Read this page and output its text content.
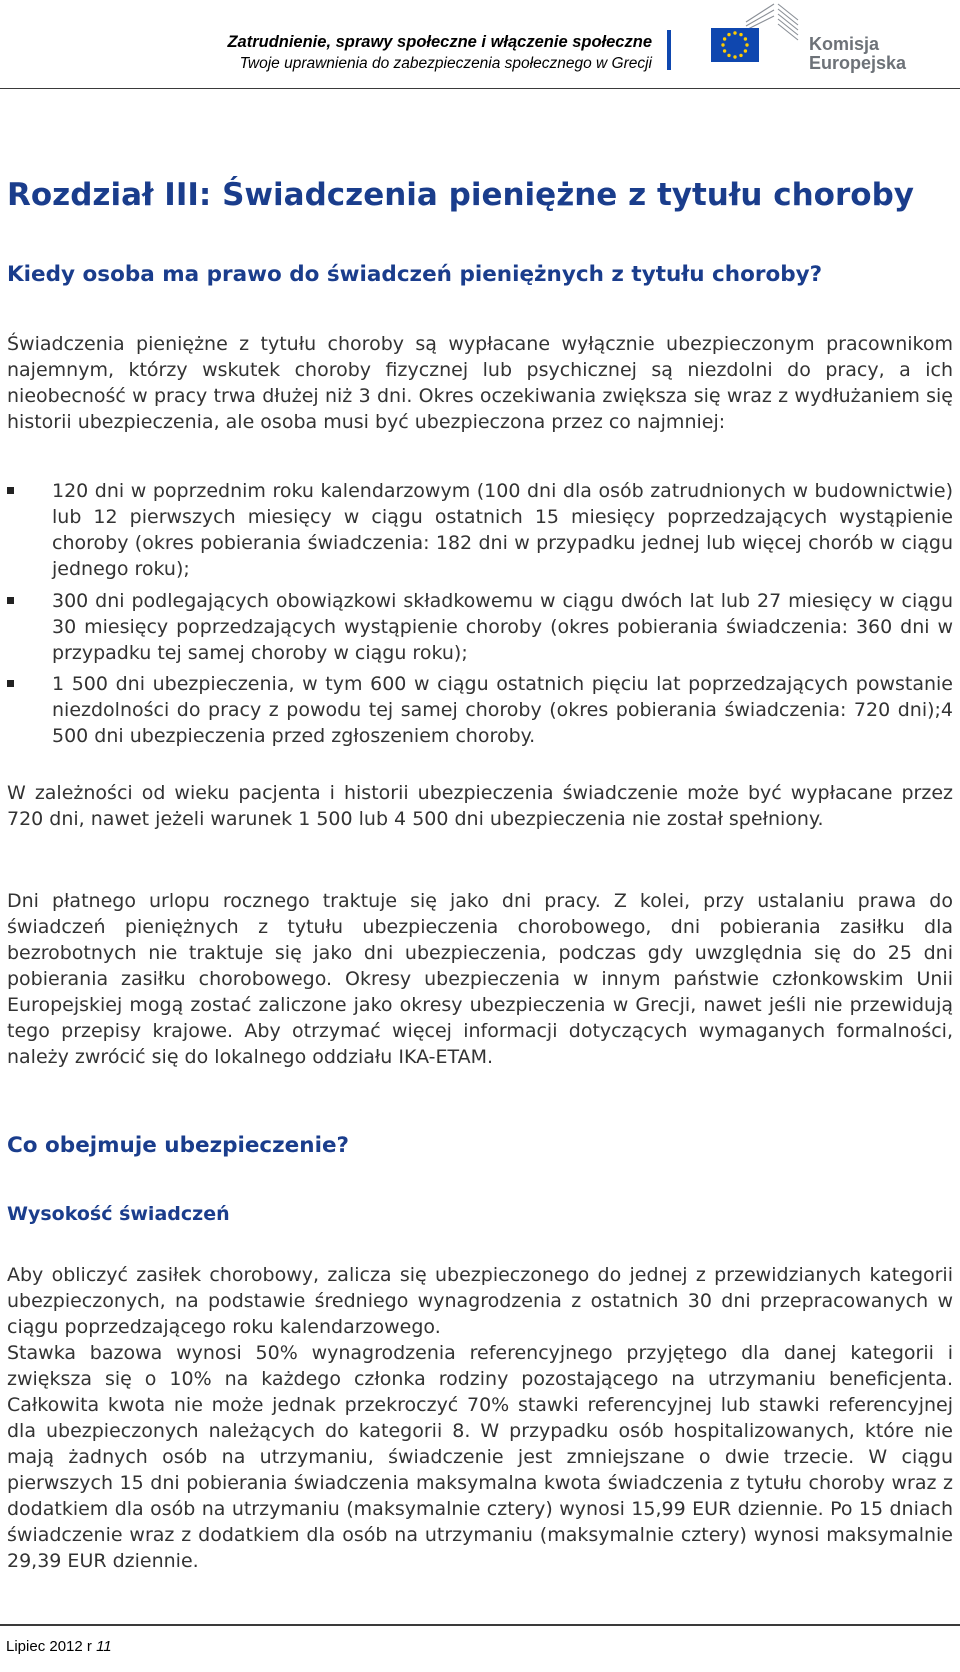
Zatrudnienie, sprawy społeczne i włączenie społeczne
Twoje uprawnienia do zabezpieczenia społecznego w Grecji
Komisja
Europejska
Rozdział III: Świadczenia pieniężne z tytułu choroby
Kiedy osoba ma prawo do świadczeń pieniężnych z tytułu choroby?

Świadczenia pieniężne z tytułu choroby są wypłacane wyłącznie ubezpieczonym pracownikom najemnym, którzy wskutek choroby fizycznej lub psychicznej są niezdolni do pracy, a ich nieobecność w pracy trwa dłużej niż 3 dni. Okres oczekiwania zwiększa się wraz z wydłużaniem się historii ubezpieczenia, ale osoba musi być ubezpieczona przez co najmniej:

120 dni w poprzednim roku kalendarzowym (100 dni dla osób zatrudnionych w budownictwie) lub 12 pierwszych miesięcy w ciągu ostatnich 15 miesięcy poprzedzających wystąpienie choroby (okres pobierania świadczenia: 182 dni w przypadku jednej lub więcej chorób w ciągu jednego roku);
300 dni podlegających obowiązkowi składkowemu w ciągu dwóch lat lub 27 miesięcy w ciągu 30 miesięcy poprzedzających wystąpienie choroby (okres pobierania świadczenia: 360 dni w przypadku tej samej choroby w ciągu roku);
1 500 dni ubezpieczenia, w tym 600 w ciągu ostatnich pięciu lat poprzedzających powstanie niezdolności do pracy z powodu tej samej choroby (okres pobierania świadczenia: 720 dni);4 500 dni ubezpieczenia przed zgłoszeniem choroby.

W zależności od wieku pacjenta i historii ubezpieczenia świadczenie może być wypłacane przez 720 dni, nawet jeżeli warunek 1 500 lub 4 500 dni ubezpieczenia nie został spełniony.

Dni płatnego urlopu rocznego traktuje się jako dni pracy. Z kolei, przy ustalaniu prawa do świadczeń pieniężnych z tytułu ubezpieczenia chorobowego, dni pobierania zasiłku dla bezrobotnych nie traktuje się jako dni ubezpieczenia, podczas gdy uwzględnia się do 25 dni pobierania zasiłku chorobowego. Okresy ubezpieczenia w innym państwie członkowskim Unii Europejskiej mogą zostać zaliczone jako okresy ubezpieczenia w Grecji, nawet jeśli nie przewidują tego przepisy krajowe. Aby otrzymać więcej informacji dotyczących wymaganych formalności, należy zwrócić się do lokalnego oddziału IKA-ETAM.

Co obejmuje ubezpieczenie?
Wysokość świadczeń

Aby obliczyć zasiłek chorobowy, zalicza się ubezpieczonego do jednej z przewidzianych kategorii ubezpieczonych, na podstawie średniego wynagrodzenia z ostatnich 30 dni przepracowanych w ciągu poprzedzającego roku kalendarzowego.

Stawka bazowa wynosi 50% wynagrodzenia referencyjnego przyjętego dla danej kategorii i zwiększa się o 10% na każdego członka rodziny pozostającego na utrzymaniu beneficjenta. Całkowita kwota nie może jednak przekroczyć 70% stawki referencyjnej lub stawki referencyjnej dla ubezpieczonych należących do kategorii 8. W przypadku osób hospitalizowanych, które nie mają żadnych osób na utrzymaniu, świadczenie jest zmniejszane o dwie trzecie. W ciągu pierwszych 15 dni pobierania świadczenia maksymalna kwota świadczenia z tytułu choroby wraz z dodatkiem dla osób na utrzymaniu (maksymalnie cztery) wynosi 15,99 EUR dziennie. Po 15 dniach świadczenie wraz z dodatkiem dla osób na utrzymaniu (maksymalnie cztery) wynosi maksymalnie 29,39 EUR dziennie.

Lipiec 2012 r 11
